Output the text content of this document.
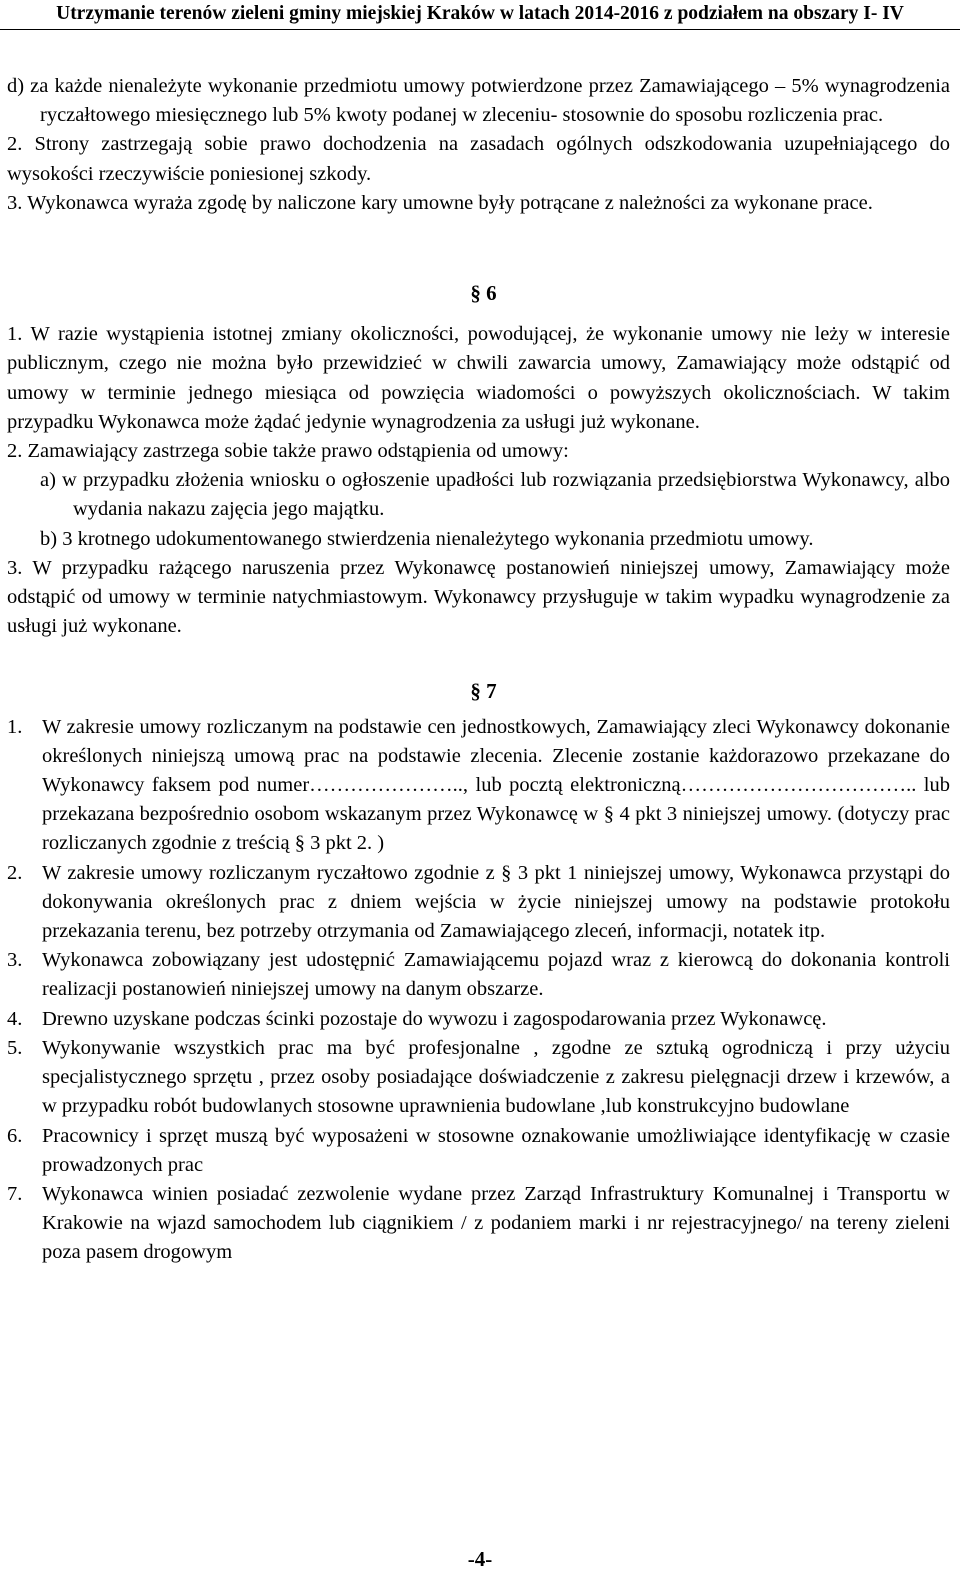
Utrzymanie terenów zieleni gminy miejskiej Kraków w latach 2014-2016 z podziałem na obszary I- IV
d) za każde nienależyte wykonanie przedmiotu umowy potwierdzone przez Zamawiającego – 5% wynagrodzenia ryczałtowego miesięcznego lub 5% kwoty podanej w zleceniu- stosownie do sposobu rozliczenia prac.
2. Strony zastrzegają sobie prawo dochodzenia na zasadach ogólnych odszkodowania uzupełniającego do wysokości rzeczywiście poniesionej szkody.
3. Wykonawca wyraża zgodę by naliczone kary umowne były potrącane z należności za wykonane prace.
§ 6
1. W razie wystąpienia istotnej zmiany okoliczności, powodującej, że wykonanie umowy nie leży w interesie publicznym, czego nie można było przewidzieć w chwili zawarcia umowy, Zamawiający może odstąpić od umowy w terminie jednego miesiąca od powzięcia wiadomości o powyższych okolicznościach. W takim przypadku Wykonawca może żądać jedynie wynagrodzenia za usługi już wykonane.
2. Zamawiający zastrzega sobie także prawo odstąpienia od umowy:
a) w przypadku złożenia wniosku o ogłoszenie upadłości lub rozwiązania przedsiębiorstwa Wykonawcy, albo wydania nakazu zajęcia jego majątku.
b) 3 krotnego udokumentowanego stwierdzenia nienależytego wykonania przedmiotu umowy.
3. W przypadku rażącego naruszenia przez Wykonawcę postanowień niniejszej umowy, Zamawiający może odstąpić od umowy w terminie natychmiastowym. Wykonawcy przysługuje w takim wypadku wynagrodzenie za usługi już wykonane.
§ 7
1. W zakresie umowy rozliczanym na podstawie cen jednostkowych, Zamawiający zleci Wykonawcy dokonanie określonych niniejszą umową prac na podstawie zlecenia. Zlecenie zostanie każdorazowo przekazane do Wykonawcy faksem pod numer………………….., lub pocztą elektroniczną…………………………….. lub przekazana bezpośrednio osobom wskazanym przez Wykonawcę w § 4 pkt 3 niniejszej umowy. (dotyczy prac rozliczanych zgodnie z treścią § 3 pkt 2. )
2. W zakresie umowy rozliczanym ryczałtowo zgodnie z § 3 pkt 1 niniejszej umowy, Wykonawca przystąpi do dokonywania określonych prac z dniem wejścia w życie niniejszej umowy na podstawie protokołu przekazania terenu, bez potrzeby otrzymania od Zamawiającego zleceń, informacji, notatek itp.
3. Wykonawca zobowiązany jest udostępnić Zamawiającemu pojazd wraz z kierowcą do dokonania kontroli realizacji postanowień niniejszej umowy na danym obszarze.
4. Drewno uzyskane podczas ścinki pozostaje do wywozu i zagospodarowania przez Wykonawcę.
5. Wykonywanie wszystkich prac ma być profesjonalne , zgodne ze sztuką ogrodniczą i przy użyciu specjalistycznego sprzętu , przez osoby posiadające doświadczenie z zakresu pielęgnacji drzew i krzewów, a w przypadku robót budowlanych stosowne uprawnienia budowlane ,lub konstrukcyjno budowlane
6. Pracownicy i sprzęt muszą być wyposażeni w stosowne oznakowanie umożliwiające identyfikację w czasie prowadzonych prac
7. Wykonawca winien posiadać zezwolenie wydane przez Zarząd Infrastruktury Komunalnej i Transportu w Krakowie na wjazd samochodem lub ciągnikiem / z podaniem marki i nr rejestracyjnego/ na tereny zieleni poza pasem drogowym
-4-
